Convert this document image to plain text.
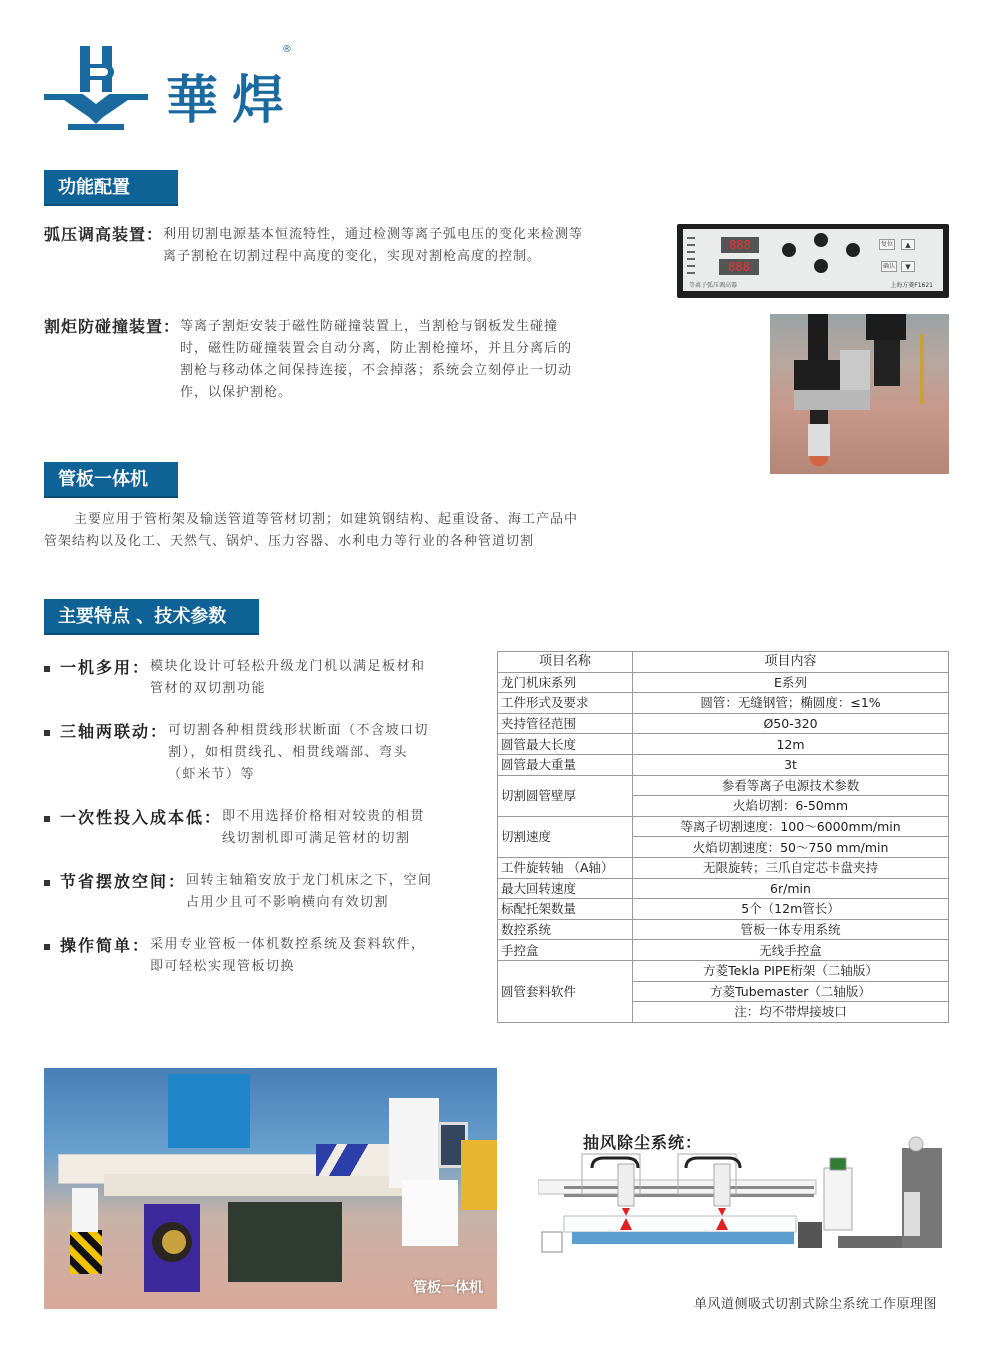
華焊
®
功能配置
弧压调高装置： 利用切割电源基本恒流特性，通过检测等离子弧电压的变化来检测等
离子割枪在切割过程中高度的变化，实现对割枪高度的控制。
割炬防碰撞装置： 等离子割炬安装于磁性防碰撞装置上，当割枪与钢板发生碰撞
时，磁性防碰撞装置会自动分离，防止割枪撞坏，并且分离后的
割枪与移动体之间保持连接，不会掉落；系统会立刻停止一切动
作，以保护割枪。
888
888
复位
确认
▲
▼
等离子弧压调高器	上海方菱F1621
管板一体机
主要应用于管桁架及输送管道等管材切割；如建筑钢结构、起重设备、海工产品中
管架结构以及化工、天然气、锅炉、压力容器、水利电力等行业的各种管道切割
主要特点 、技术参数
一机多用： 模块化设计可轻松升级龙门机以满足板材和
管材的双切割功能
三轴两联动： 可切割各种相贯线形状断面（不含坡口切
割），如相贯线孔、相贯线端部、弯头
（虾米节）等
一次性投入成本低： 即不用选择价格相对较贵的相贯
线切割机即可满足管材的切割
节省摆放空间： 回转主轴箱安放于龙门机床之下，空间
占用少且可不影响横向有效切割
操作简单： 采用专业管板一体机数控系统及套料软件，
即可轻松实现管板切换
项目名称	项目内容
龙门机床系列	E系列
工件形式及要求	圆管：无缝钢管；椭圆度：≤1%
夹持管径范围	Ø50-320
圆管最大长度	12m
圆管最大重量	3t
切割圆管壁厚	参看等离子电源技术参数
	火焰切割：6-50mm
切割速度	等离子切割速度：100～6000mm/min
	火焰切割速度：50～750 mm/min
工件旋转轴 （A轴）	无限旋转；三爪自定芯卡盘夹持
最大回转速度	6r/min
标配托架数量	5个（12m管长）
数控系统	管板一体专用系统
手控盒	无线手控盒
圆管套料软件	方菱Tekla PIPE桁架（二轴版）
	方菱Tubemaster（二轴版）
	注：均不带焊接坡口
管板一体机
抽风除尘系统：
单风道侧吸式切割式除尘系统工作原理图
